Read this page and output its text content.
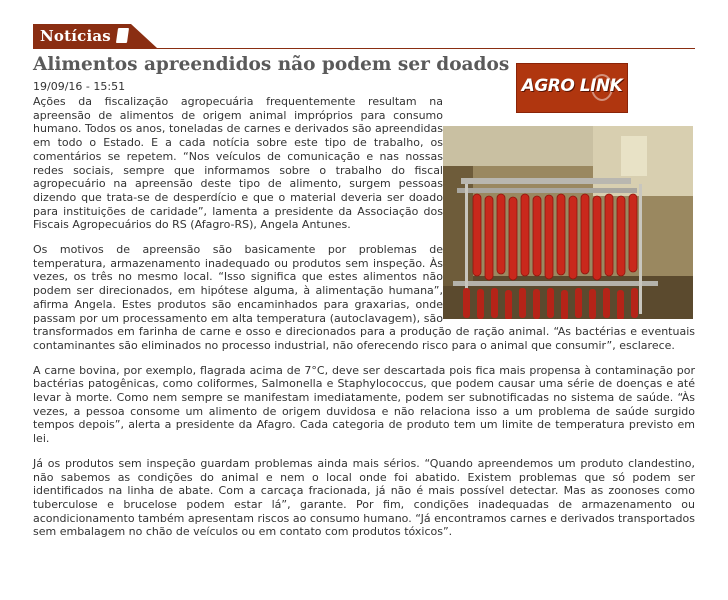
Notícias
Alimentos apreendidos não podem ser doados
19/09/16 - 15:51	AGRO LINK

Ações da fiscalização agropecuária frequentemente resultam na apreensão de alimentos de origem animal impróprios para consumo humano. Todos os anos, toneladas de carnes e derivados são apreendidas em todo o Estado. E a cada notícia sobre este tipo de trabalho, os comentários se repetem. “Nos veículos de comunicação e nas nossas redes sociais, sempre que informamos sobre o trabalho do fiscal agropecuário na apreensão deste tipo de alimento, surgem pessoas dizendo que trata-se de desperdício e que o material deveria ser doado para instituições de caridade”, lamenta a presidente da Associação dos Fiscais Agropecuários do RS (Afagro-RS), Angela Antunes.

Os motivos de apreensão são basicamente por problemas de temperatura, armazenamento inadequado ou produtos sem inspeção. Às vezes, os três no mesmo local. “Isso significa que estes alimentos não podem ser direcionados, em hipótese alguma, à alimentação humana”, afirma Angela. Estes produtos são encaminhados para graxarias, onde passam por um processamento em alta temperatura (autoclavagem), são transformados em farinha de carne e osso e direcionados para a produção de ração animal. “As bactérias e eventuais contaminantes são eliminados no processo industrial, não oferecendo risco para o animal que consumir”, esclarece.

A carne bovina, por exemplo, flagrada acima de 7°C, deve ser descartada pois fica mais propensa à contaminação por bactérias patogênicas, como coliformes, Salmonella e Staphylococcus, que podem causar uma série de doenças e até levar à morte. Como nem sempre se manifestam imediatamente, podem ser subnotificadas no sistema de saúde. “Às vezes, a pessoa consome um alimento de origem duvidosa e não relaciona isso a um problema de saúde surgido tempos depois”, alerta a presidente da Afagro. Cada categoria de produto tem um limite de temperatura previsto em lei.

Já os produtos sem inspeção guardam problemas ainda mais sérios. “Quando apreendemos um produto clandestino, não sabemos as condições do animal e nem o local onde foi abatido. Existem problemas que só podem ser identificados na linha de abate. Com a carcaça fracionada, já não é mais possível detectar. Mas as zoonoses como tuberculose e brucelose podem estar lá”, garante. Por fim, condições inadequadas de armazenamento ou acondicionamento também apresentam riscos ao consumo humano. “Já encontramos carnes e derivados transportados sem embalagem no chão de veículos ou em contato com produtos tóxicos”.
